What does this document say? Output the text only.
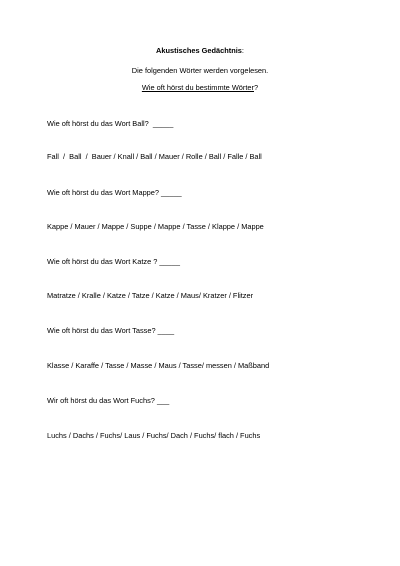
Akustisches Gedächtnis:
Die folgenden Wörter werden vorgelesen.
Wie oft hörst du bestimmte Wörter?
Wie oft hörst du das Wort Ball?  _____
Fall  /  Ball  /  Bauer / Knall / Ball / Mauer / Rolle / Ball / Falle / Ball
Wie oft hörst du das Wort Mappe? _____
Kappe / Mauer / Mappe / Suppe / Mappe / Tasse / Klappe / Mappe
Wie oft hörst du das Wort Katze ? _____
Matratze / Kralle / Katze / Tatze / Katze / Maus/ Kratzer / Flitzer
Wie oft hörst du das Wort Tasse? ____
Klasse / Karaffe / Tasse / Masse / Maus / Tasse/ messen / Maßband
Wir oft hörst du das Wort Fuchs? ___
Luchs / Dachs / Fuchs/ Laus / Fuchs/ Dach / Fuchs/ flach / Fuchs
